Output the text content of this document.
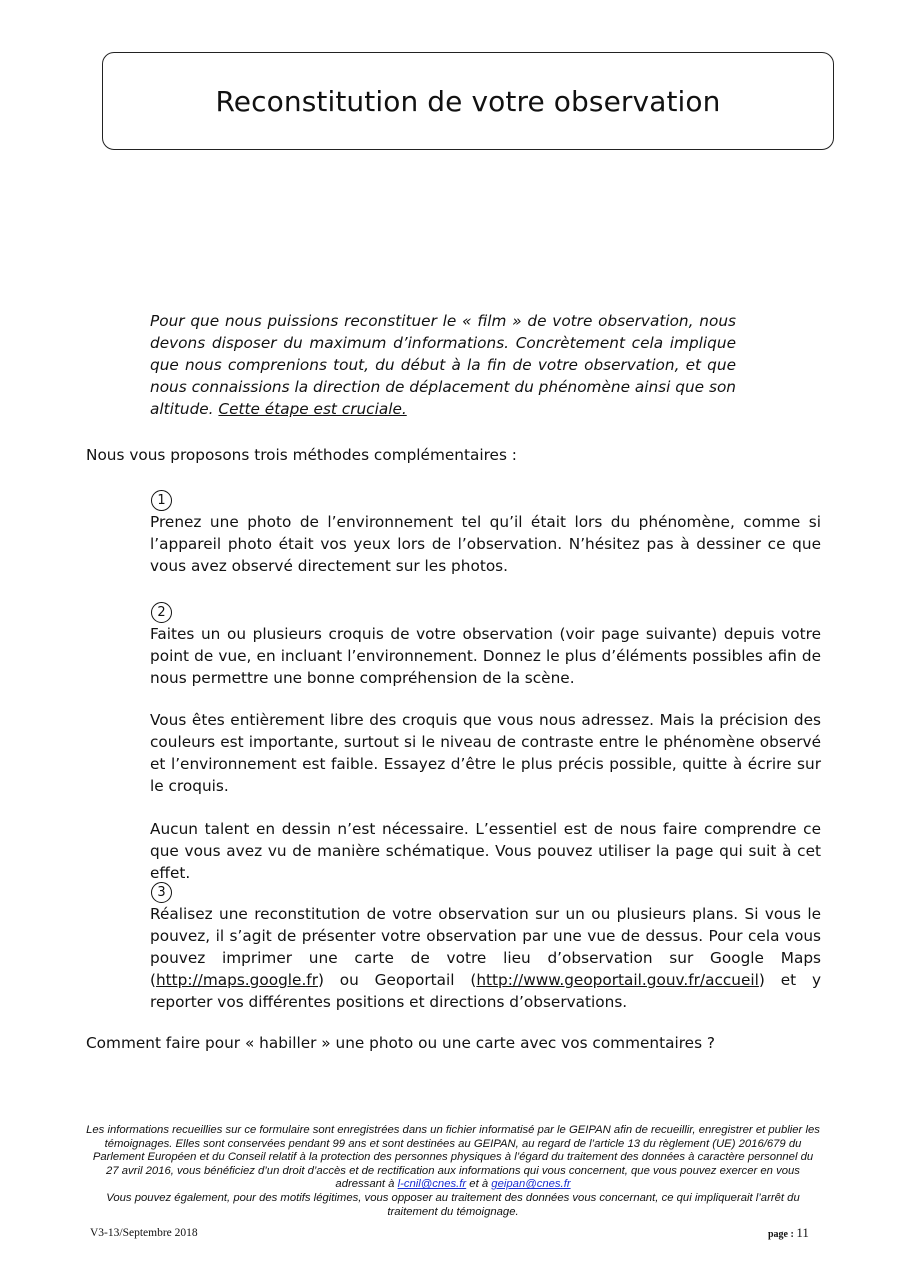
Reconstitution de votre observation

Pour que nous puissions reconstituer le « film » de votre observation, nous devons disposer du maximum d’informations. Concrètement cela implique que nous comprenions tout, du début à la fin de votre observation, et que nous connaissions la direction de déplacement du phénomène ainsi que son altitude. Cette étape est cruciale.

Nous vous proposons trois méthodes complémentaires :
1

Prenez une photo de l’environnement tel qu’il était lors du phénomène, comme si l’appareil photo était vos yeux lors de l’observation. N’hésitez pas à dessiner ce que vous avez observé directement sur les photos.

2

Faites un ou plusieurs croquis de votre observation (voir page suivante) depuis votre point de vue, en incluant l’environnement. Donnez le plus d’éléments possibles afin de nous permettre une bonne compréhension de la scène.

Vous êtes entièrement libre des croquis que vous nous adressez. Mais la précision des couleurs est importante, surtout si le niveau de contraste entre le phénomène observé et l’environnement est faible. Essayez d’être le plus précis possible, quitte à écrire sur le croquis.

Aucun talent en dessin n’est nécessaire. L’essentiel est de nous faire comprendre ce que vous avez vu de manière schématique. Vous pouvez utiliser la page qui suit à cet effet.

3

Réalisez une reconstitution de votre observation sur un ou plusieurs plans. Si vous le pouvez, il s’agit de présenter votre observation par une vue de dessus. Pour cela vous pouvez imprimer une carte de votre lieu d’observation sur Google Maps (http://maps.google.fr) ou Geoportail (http://www.geoportail.gouv.fr/accueil) et y reporter vos différentes positions et directions d’observations.

Comment faire pour « habiller » une photo ou une carte avec vos commentaires ?
Les informations recueillies sur ce formulaire sont enregistrées dans un fichier informatisé par le GEIPAN afin de recueillir, enregistrer et publier les témoignages. Elles sont conservées pendant 99 ans et sont destinées au GEIPAN, au regard de l’article 13 du règlement (UE) 2016/679 du Parlement Européen et du Conseil relatif à la protection des personnes physiques à l’égard du traitement des données à caractère personnel du 27 avril 2016, vous bénéficiez d’un droit d’accès et de rectification aux informations qui vous concernent, que vous pouvez exercer en vous adressant à l-cnil@cnes.fr et à geipan@cnes.fr
Vous pouvez également, pour des motifs légitimes, vous opposer au traitement des données vous concernant, ce qui impliquerait l’arrêt du traitement du témoignage.
V3-13/Septembre 2018	page : 11
